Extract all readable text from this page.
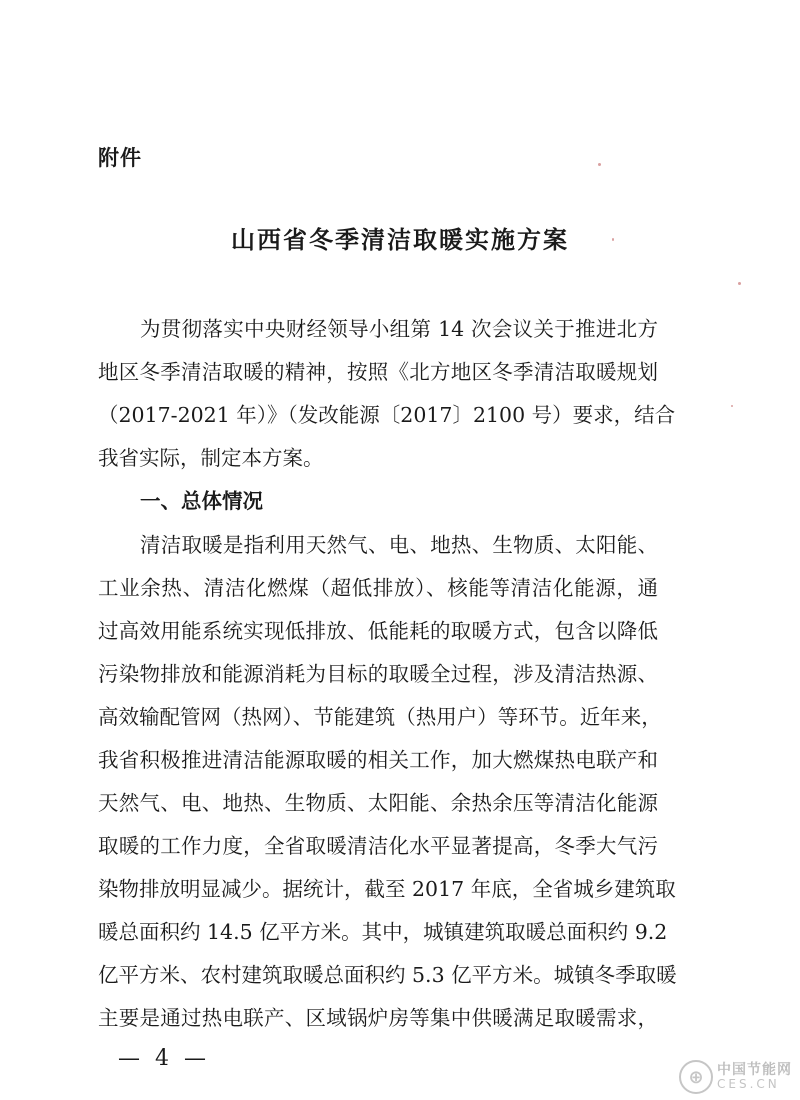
附件
山西省冬季清洁取暖实施方案
为贯彻落实中央财经领导小组第 14 次会议关于推进北方
地区冬季清洁取暖的精神，按照《北方地区冬季清洁取暖规划
（2017-2021 年）》（发改能源〔2017〕2100 号）要求，结合
我省实际，制定本方案。
一、总体情况
清洁取暖是指利用天然气、电、地热、生物质、太阳能、
工业余热、清洁化燃煤（超低排放）、核能等清洁化能源，通
过高效用能系统实现低排放、低能耗的取暖方式，包含以降低
污染物排放和能源消耗为目标的取暖全过程，涉及清洁热源、
高效输配管网（热网）、节能建筑（热用户）等环节。近年来，
我省积极推进清洁能源取暖的相关工作，加大燃煤热电联产和
天然气、电、地热、生物质、太阳能、余热余压等清洁化能源
取暖的工作力度，全省取暖清洁化水平显著提高，冬季大气污
染物排放明显减少。据统计，截至 2017 年底，全省城乡建筑取
暖总面积约 14.5 亿平方米。其中，城镇建筑取暖总面积约 9.2
亿平方米、农村建筑取暖总面积约 5.3 亿平方米。城镇冬季取暖
主要是通过热电联产、区域锅炉房等集中供暖满足取暖需求，
— 4 —
⊕ 中国节能网
CES.CN
